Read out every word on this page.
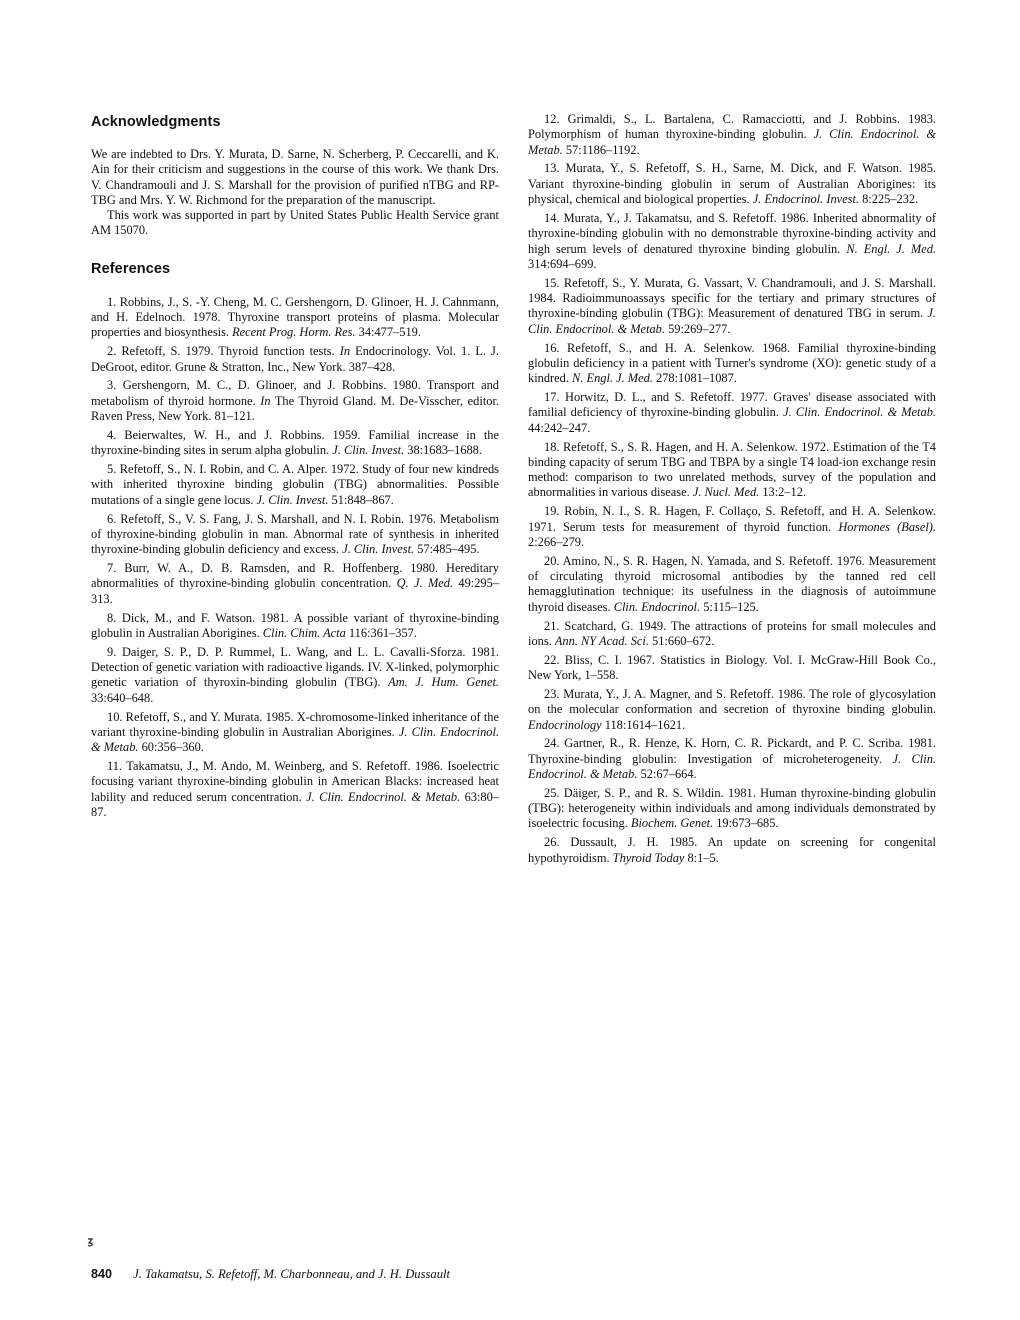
Acknowledgments

We are indebted to Drs. Y. Murata, D. Sarne, N. Scherberg, P. Ceccarelli, and K. Ain for their criticism and suggestions in the course of this work. We thank Drs. V. Chandramouli and J. S. Marshall for the provision of purified nTBG and RP-TBG and Mrs. Y. W. Richmond for the preparation of the manuscript.

This work was supported in part by United States Public Health Service grant AM 15070.

References

1. Robbins, J., S. -Y. Cheng, M. C. Gershengorn, D. Glinoer, H. J. Cahnmann, and H. Edelnoch. 1978. Thyroxine transport proteins of plasma. Molecular properties and biosynthesis. Recent Prog. Horm. Res. 34:477–519.

2. Refetoff, S. 1979. Thyroid function tests. In Endocrinology. Vol. 1. L. J. DeGroot, editor. Grune & Stratton, Inc., New York. 387–428.

3. Gershengorn, M. C., D. Glinoer, and J. Robbins. 1980. Transport and metabolism of thyroid hormone. In The Thyroid Gland. M. De-Visscher, editor. Raven Press, New York. 81–121.

4. Beierwaltes, W. H., and J. Robbins. 1959. Familial increase in the thyroxine-binding sites in serum alpha globulin. J. Clin. Invest. 38:1683–1688.

5. Refetoff, S., N. I. Robin, and C. A. Alper. 1972. Study of four new kindreds with inherited thyroxine binding globulin (TBG) abnormalities. Possible mutations of a single gene locus. J. Clin. Invest. 51:848–867.

6. Refetoff, S., V. S. Fang, J. S. Marshall, and N. I. Robin. 1976. Metabolism of thyroxine-binding globulin in man. Abnormal rate of synthesis in inherited thyroxine-binding globulin deficiency and excess. J. Clin. Invest. 57:485–495.

7. Burr, W. A., D. B. Ramsden, and R. Hoffenberg. 1980. Hereditary abnormalities of thyroxine-binding globulin concentration. Q. J. Med. 49:295–313.

8. Dick, M., and F. Watson. 1981. A possible variant of thyroxine-binding globulin in Australian Aborigines. Clin. Chim. Acta 116:361–357.

9. Daiger, S. P., D. P. Rummel, L. Wang, and L. L. Cavalli-Sforza. 1981. Detection of genetic variation with radioactive ligands. IV. X-linked, polymorphic genetic variation of thyroxin-binding globulin (TBG). Am. J. Hum. Genet. 33:640–648.

10. Refetoff, S., and Y. Murata. 1985. X-chromosome-linked inheritance of the variant thyroxine-binding globulin in Australian Aborigines. J. Clin. Endocrinol. & Metab. 60:356–360.

11. Takamatsu, J., M. Ando, M. Weinberg, and S. Refetoff. 1986. Isoelectric focusing variant thyroxine-binding globulin in American Blacks: increased heat lability and reduced serum concentration. J. Clin. Endocrinol. & Metab. 63:80–87.

12. Grimaldi, S., L. Bartalena, C. Ramacciotti, and J. Robbins. 1983. Polymorphism of human thyroxine-binding globulin. J. Clin. Endocrinol. & Metab. 57:1186–1192.

13. Murata, Y., S. Refetoff, S. H., Sarne, M. Dick, and F. Watson. 1985. Variant thyroxine-binding globulin in serum of Australian Aborigines: its physical, chemical and biological properties. J. Endocrinol. Invest. 8:225–232.

14. Murata, Y., J. Takamatsu, and S. Refetoff. 1986. Inherited abnormality of thyroxine-binding globulin with no demonstrable thyroxine-binding activity and high serum levels of denatured thyroxine binding globulin. N. Engl. J. Med. 314:694–699.

15. Refetoff, S., Y. Murata, G. Vassart, V. Chandramouli, and J. S. Marshall. 1984. Radioimmunoassays specific for the tertiary and primary structures of thyroxine-binding globulin (TBG): Measurement of denatured TBG in serum. J. Clin. Endocrinol. & Metab. 59:269–277.

16. Refetoff, S., and H. A. Selenkow. 1968. Familial thyroxine-binding globulin deficiency in a patient with Turner's syndrome (XO): genetic study of a kindred. N. Engl. J. Med. 278:1081–1087.

17. Horwitz, D. L., and S. Refetoff. 1977. Graves' disease associated with familial deficiency of thyroxine-binding globulin. J. Clin. Endocrinol. & Metab. 44:242–247.

18. Refetoff, S., S. R. Hagen, and H. A. Selenkow. 1972. Estimation of the T4 binding capacity of serum TBG and TBPA by a single T4 load-ion exchange resin method: comparison to two unrelated methods, survey of the population and abnormalities in various disease. J. Nucl. Med. 13:2–12.

19. Robin, N. I., S. R. Hagen, F. Collaço, S. Refetoff, and H. A. Selenkow. 1971. Serum tests for measurement of thyroid function. Hormones (Basel). 2:266–279.

20. Amino, N., S. R. Hagen, N. Yamada, and S. Refetoff. 1976. Measurement of circulating thyroid microsomal antibodies by the tanned red cell hemagglutination technique: its usefulness in the diagnosis of autoimmune thyroid diseases. Clin. Endocrinol. 5:115–125.

21. Scatchard, G. 1949. The attractions of proteins for small molecules and ions. Ann. NY Acad. Sci. 51:660–672.

22. Bliss, C. I. 1967. Statistics in Biology. Vol. I. McGraw-Hill Book Co., New York, 1–558.

23. Murata, Y., J. A. Magner, and S. Refetoff. 1986. The role of glycosylation on the molecular conformation and secretion of thyroxine binding globulin. Endocrinology 118:1614–1621.

24. Gartner, R., R. Henze, K. Horn, C. R. Pickardt, and P. C. Scriba. 1981. Thyroxine-binding globulin: Investigation of microheterogeneity. J. Clin. Endocrinol. & Metab. 52:67–664.

25. Däiger, S. P., and R. S. Wildin. 1981. Human thyroxine-binding globulin (TBG): heterogeneity within individuals and among individuals demonstrated by isoelectric focusing. Biochem. Genet. 19:673–685.

26. Dussault, J. H. 1985. An update on screening for congenital hypothyroidism. Thyroid Today 8:1–5.

840 J. Takamatsu, S. Refetoff, M. Charbonneau, and J. H. Dussault
